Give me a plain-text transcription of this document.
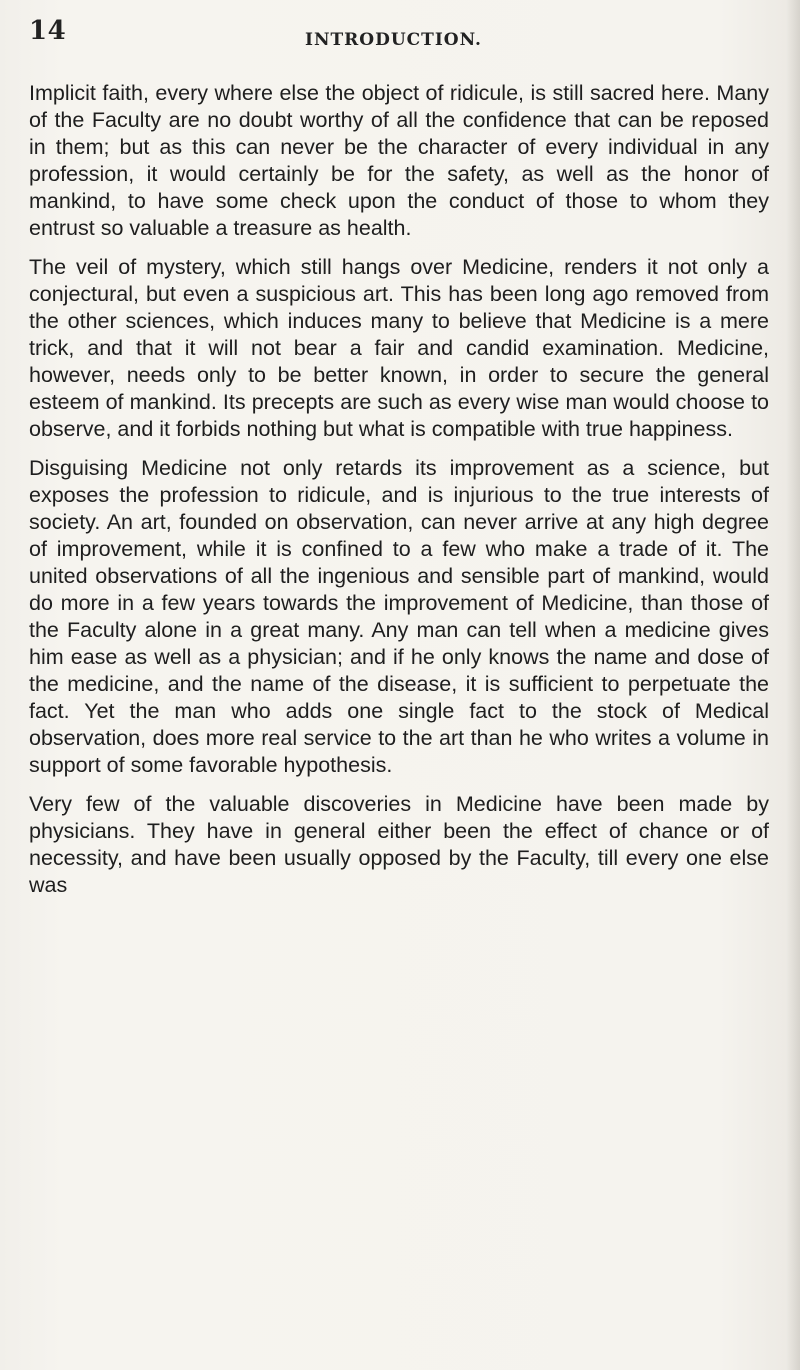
14	INTRODUCTION.

Implicit faith, every where else the object of ridicule, is still sacred here. Many of the Faculty are no doubt worthy of all the confidence that can be reposed in them; but as this can never be the character of every individual in any profession, it would certainly be for the safety, as well as the honor of mankind, to have some check upon the conduct of those to whom they entrust so valuable a treasure as health.

The veil of mystery, which still hangs over Medicine, renders it not only a conjectural, but even a suspicious art. This has been long ago removed from the other sciences, which induces many to believe that Medicine is a mere trick, and that it will not bear a fair and candid examination. Medicine, however, needs only to be better known, in order to secure the general esteem of mankind. Its precepts are such as every wise man would choose to observe, and it forbids nothing but what is compatible with true happiness.

Disguising Medicine not only retards its improvement as a science, but exposes the profession to ridicule, and is injurious to the true interests of society. An art, founded on observation, can never arrive at any high degree of improvement, while it is confined to a few who make a trade of it. The united observations of all the ingenious and sensible part of mankind, would do more in a few years towards the improvement of Medicine, than those of the Faculty alone in a great many. Any man can tell when a medicine gives him ease as well as a physician; and if he only knows the name and dose of the medicine, and the name of the disease, it is sufficient to perpetuate the fact. Yet the man who adds one single fact to the stock of Medical observation, does more real service to the art than he who writes a volume in support of some favorable hypothesis.

Very few of the valuable discoveries in Medicine have been made by physicians. They have in general either been the effect of chance or of necessity, and have been usually opposed by the Faculty, till every one else was
